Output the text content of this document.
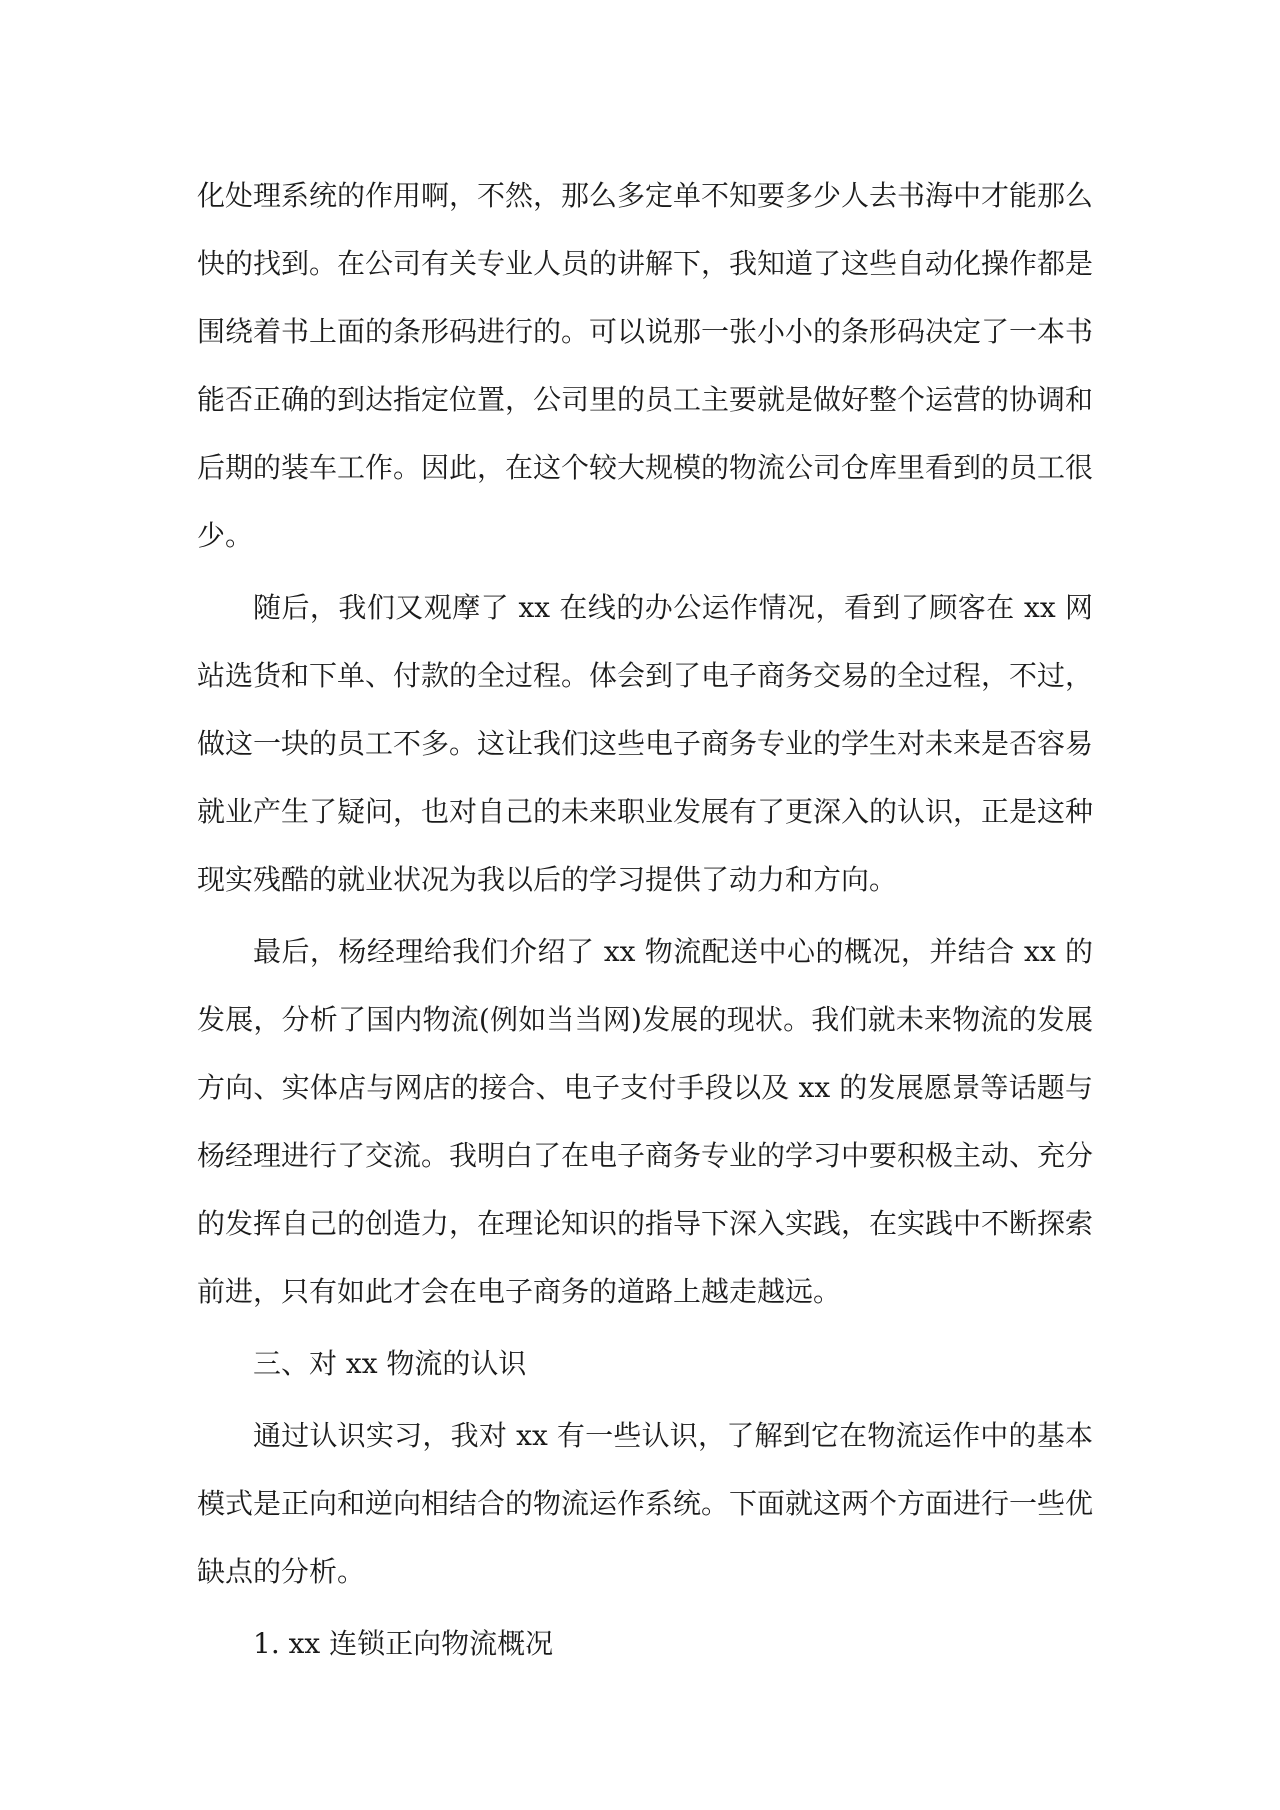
化处理系统的作用啊，不然，那么多定单不知要多少人去书海中才能那么快的找到。在公司有关专业人员的讲解下，我知道了这些自动化操作都是围绕着书上面的条形码进行的。可以说那一张小小的条形码决定了一本书能否正确的到达指定位置，公司里的员工主要就是做好整个运营的协调和后期的装车工作。因此，在这个较大规模的物流公司仓库里看到的员工很少。

随后，我们又观摩了 xx 在线的办公运作情况，看到了顾客在 xx 网站选货和下单、付款的全过程。体会到了电子商务交易的全过程，不过，做这一块的员工不多。这让我们这些电子商务专业的学生对未来是否容易就业产生了疑问，也对自己的未来职业发展有了更深入的认识，正是这种现实残酷的就业状况为我以后的学习提供了动力和方向。

最后，杨经理给我们介绍了 xx 物流配送中心的概况，并结合 xx 的发展，分析了国内物流(例如当当网)发展的现状。我们就未来物流的发展方向、实体店与网店的接合、电子支付手段以及 xx 的发展愿景等话题与杨经理进行了交流。我明白了在电子商务专业的学习中要积极主动、充分的发挥自己的创造力，在理论知识的指导下深入实践，在实践中不断探索前进，只有如此才会在电子商务的道路上越走越远。

三、对 xx 物流的认识

通过认识实习，我对 xx 有一些认识，了解到它在物流运作中的基本模式是正向和逆向相结合的物流运作系统。下面就这两个方面进行一些优缺点的分析。

1. xx 连锁正向物流概况
